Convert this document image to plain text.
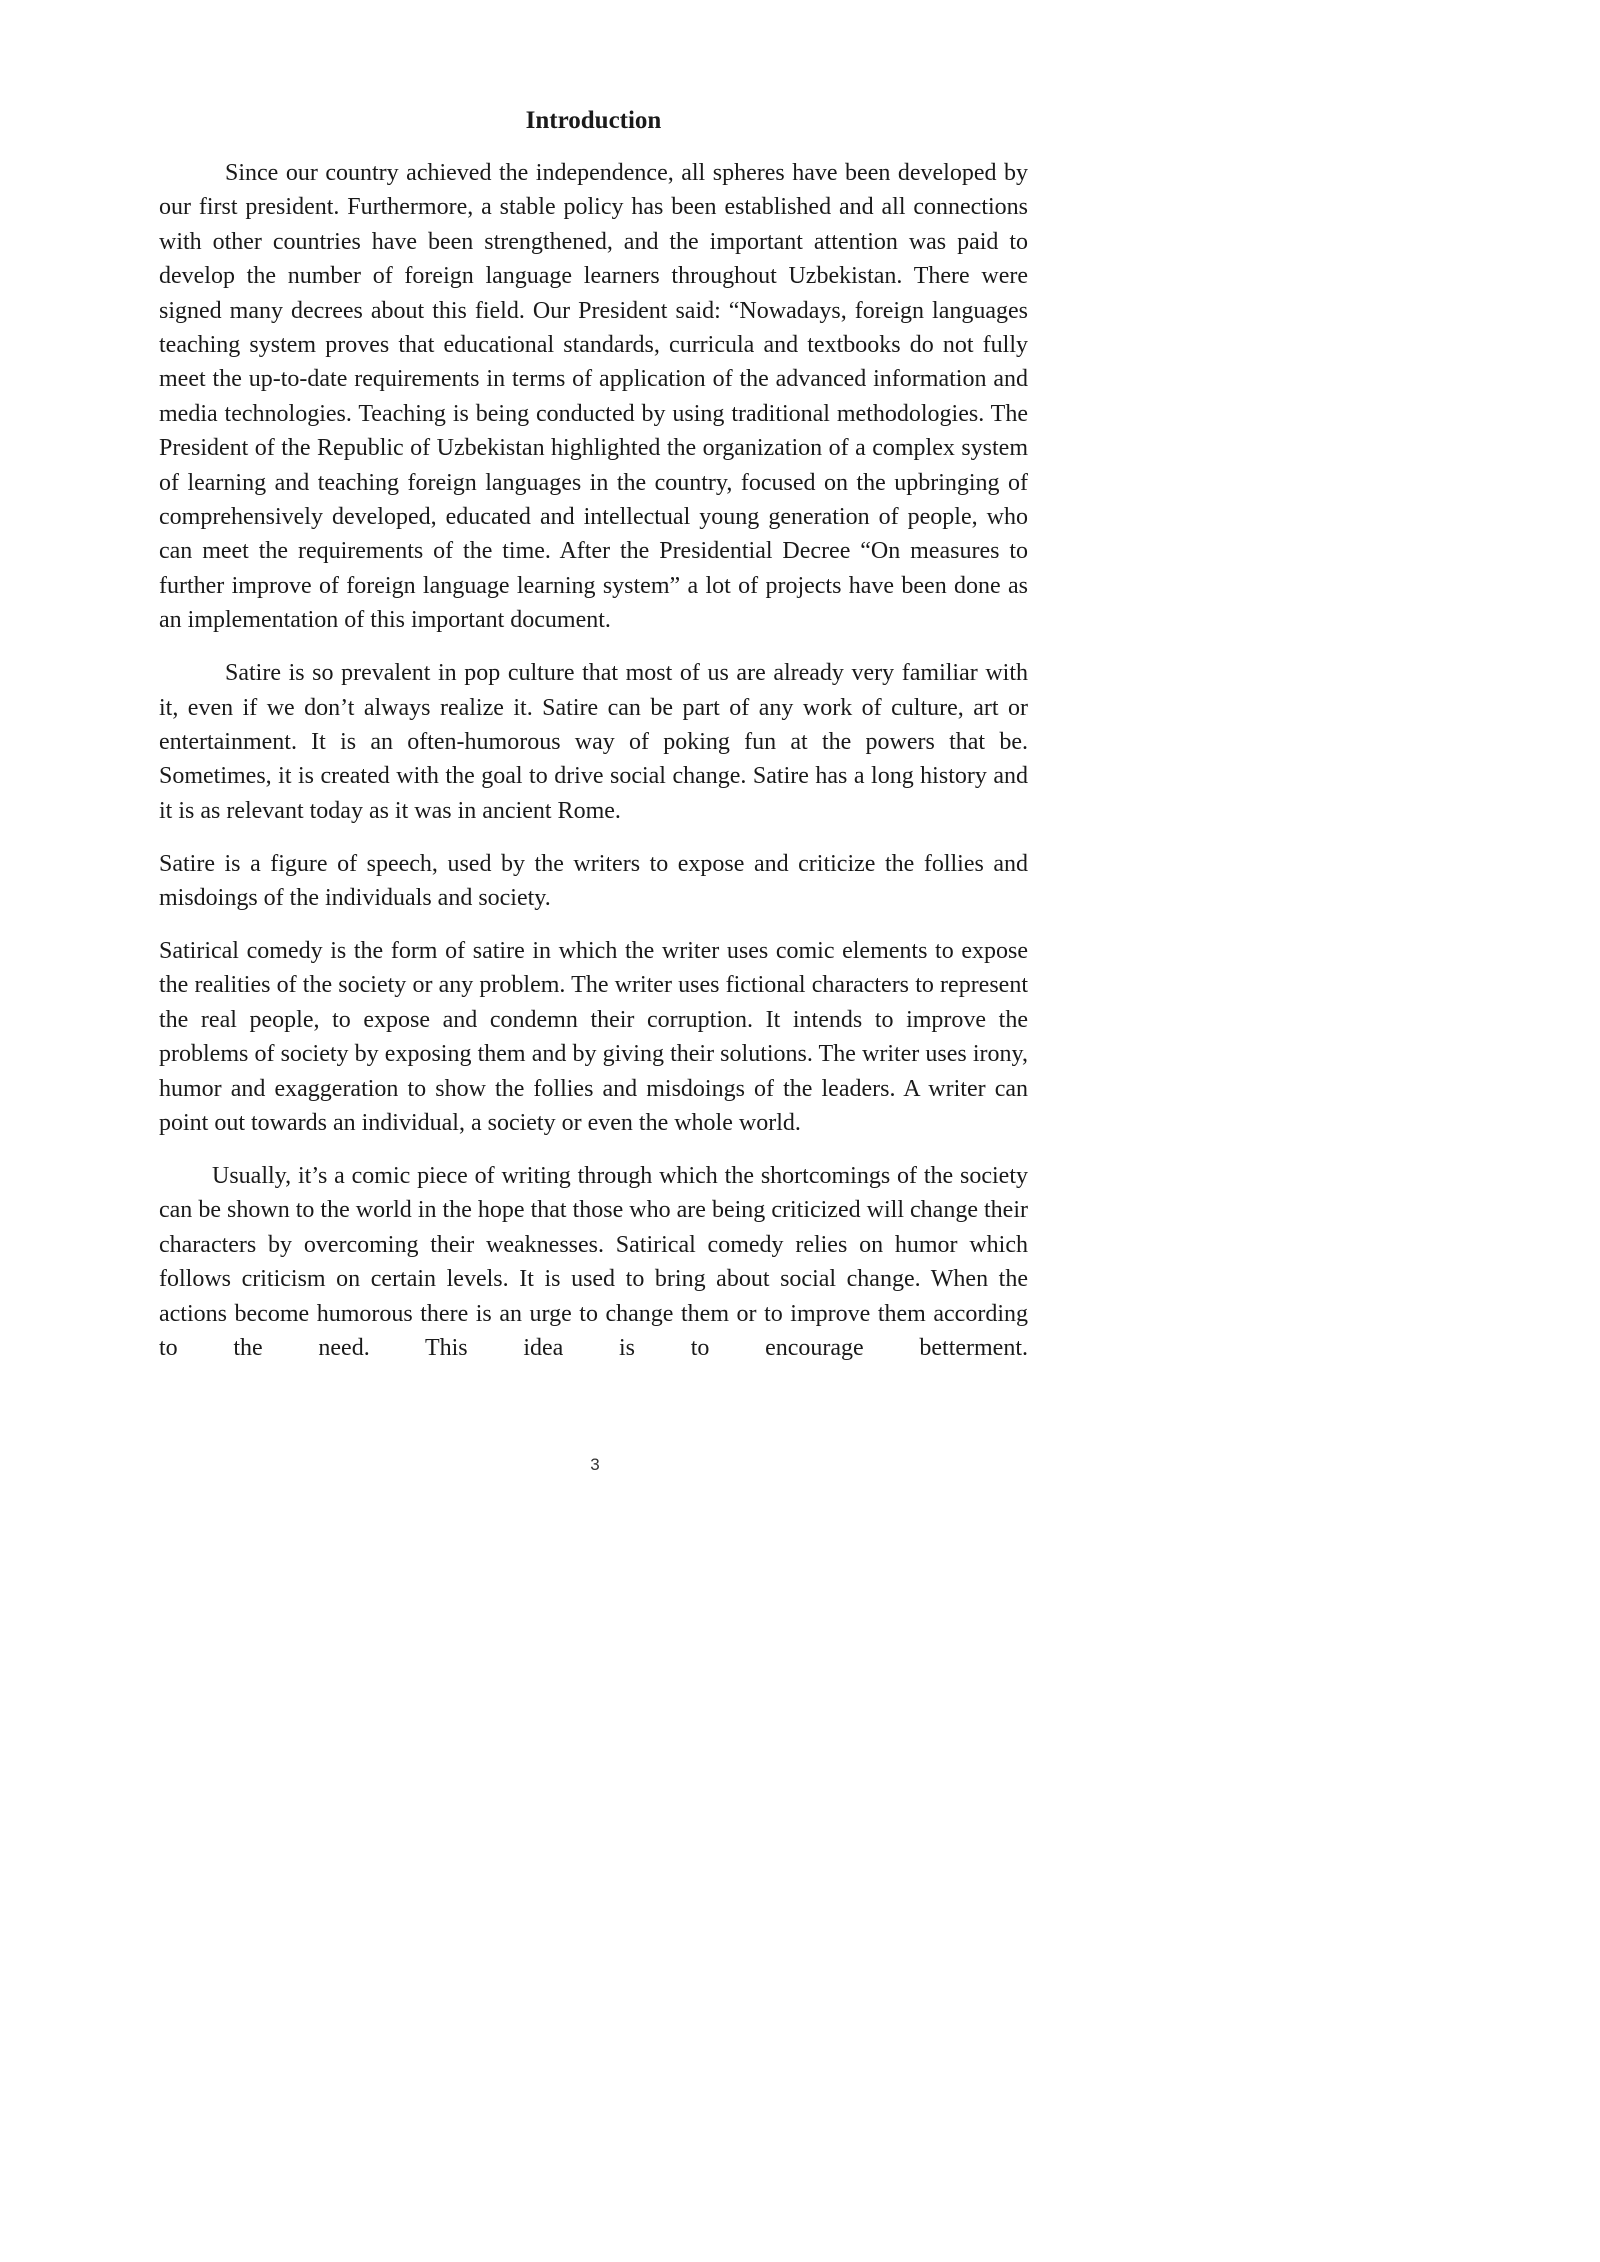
Introduction

Since our country achieved the independence, all spheres have been developed by our first president. Furthermore, a stable policy has been established and all connections with other countries have been strengthened, and the important attention was paid to develop the number of foreign language learners throughout Uzbekistan. There were signed many decrees about this field. Our President said: “Nowadays, foreign languages teaching system proves that educational standards, curricula and textbooks do not fully meet the up-to-date requirements in terms of application of the advanced information and media technologies. Teaching is being conducted by using traditional methodologies. The President of the Republic of Uzbekistan highlighted the organization of a complex system of learning and teaching foreign languages in the country, focused on the upbringing of comprehensively developed, educated and intellectual young generation of people, who can meet the requirements of the time. After the Presidential Decree “On measures to further improve of foreign language learning system” a lot of projects have been done as an implementation of this important document.

Satire is so prevalent in pop culture that most of us are already very familiar with it, even if we don’t always realize it. Satire can be part of any work of culture, art or entertainment. It is an often-humorous way of poking fun at the powers that be. Sometimes, it is created with the goal to drive social change. Satire has a long history and it is as relevant today as it was in ancient Rome.

Satire is a figure of speech, used by the writers to expose and criticize the follies and misdoings of the individuals and society.

Satirical comedy is the form of satire in which the writer uses comic elements to expose the realities of the society or any problem. The writer uses fictional characters to represent the real people, to expose and condemn their corruption. It intends to improve the problems of society by exposing them and by giving their solutions. The writer uses irony, humor and exaggeration to show the follies and misdoings of the leaders. A writer can point out towards an individual, a society or even the whole world.

Usually, it’s a comic piece of writing through which the shortcomings of the society can be shown to the world in the hope that those who are being criticized will change their characters by overcoming their weaknesses. Satirical comedy relies on humor which follows criticism on certain levels. It is used to bring about social change. When the actions become humorous there is an urge to change them or to improve them according to the need. This idea is to encourage betterment.

3
